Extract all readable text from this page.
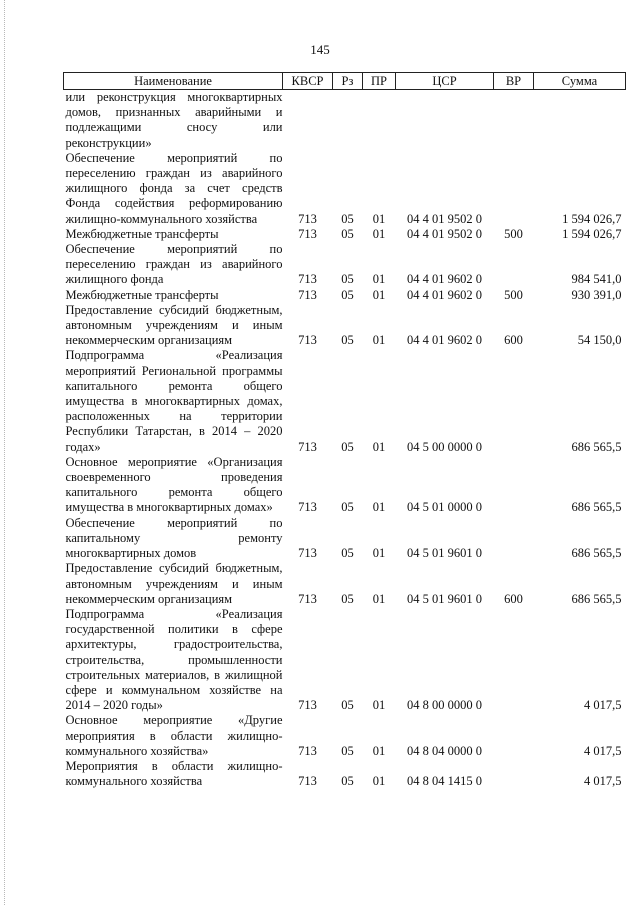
145
Наименование	КВСР	Рз	ПР	ЦСР	ВР	Сумма
или реконструкция многоквартирных домов, признанных аварийными и подлежащими сносу или реконструкции»						
Обеспечение мероприятий по переселению граждан из аварийного жилищного фонда за счет средств Фонда содействия реформированию жилищно-коммунального хозяйства	713	05	01	04 4 01 9502 0		1 594 026,7
Межбюджетные трансферты	713	05	01	04 4 01 9502 0	500	1 594 026,7
Обеспечение мероприятий по переселению граждан из аварийного жилищного фонда	713	05	01	04 4 01 9602 0		984 541,0
Межбюджетные трансферты	713	05	01	04 4 01 9602 0	500	930 391,0
Предоставление субсидий бюджетным, автономным учреждениям и иным некоммерческим организациям	713	05	01	04 4 01 9602 0	600	54 150,0
Подпрограмма «Реализация мероприятий Региональной программы капитального ремонта общего имущества в многоквартирных домах, расположенных на территории Республики Татарстан, в 2014 – 2020 годах»	713	05	01	04 5 00 0000 0		686 565,5
Основное мероприятие «Организация своевременного проведения капитального ремонта общего имущества в многоквартирных домах»	713	05	01	04 5 01 0000 0		686 565,5
Обеспечение мероприятий по капитальному ремонту многоквартирных домов	713	05	01	04 5 01 9601 0		686 565,5
Предоставление субсидий бюджетным, автономным учреждениям и иным некоммерческим организациям	713	05	01	04 5 01 9601 0	600	686 565,5
Подпрограмма «Реализация государственной политики в сфере архитектуры, градостроительства, строительства, промышленности строительных материалов, в жилищной сфере и коммунальном хозяйстве на 2014 – 2020 годы»	713	05	01	04 8 00 0000 0		4 017,5
Основное мероприятие «Другие мероприятия в области жилищно-коммунального хозяйства»	713	05	01	04 8 04 0000 0		4 017,5
Мероприятия в области жилищно-коммунального хозяйства	713	05	01	04 8 04 1415 0		4 017,5
